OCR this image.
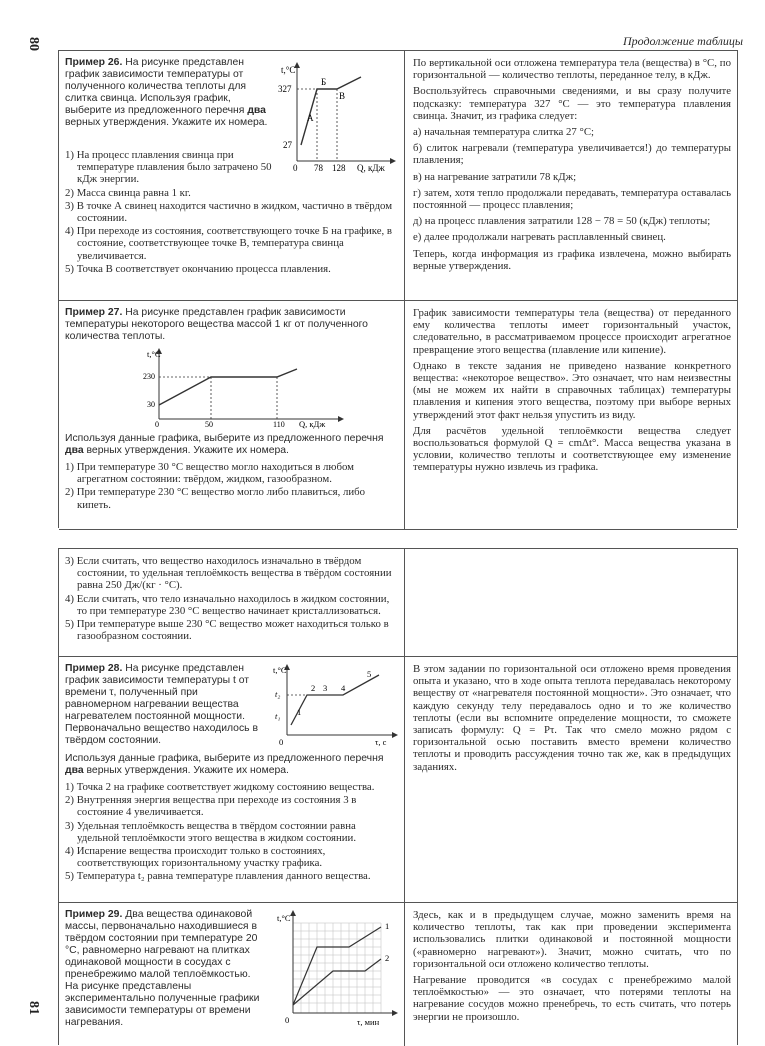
80
81
Продолжение таблицы
Пример 26. На рисунке представлен график зависимости температуры от полученного количества теплоты для слитка свинца. Используя график, выберите из предложенного перечня два верных утверждения. Укажите их номера.
t,°C
Q, кДж
327
27
0 78 128
А
Б
В
1) На процесс плавления свинца при температуре плавления было затрачено 50 кДж энергии.
2) Масса свинца равна 1 кг.
3) В точке А свинец находится частично в жидком, частично в твёрдом состоянии.
4) При переходе из состояния, соответствующего точке Б на графике, в состояние, соответствующее точке В, температура свинца увеличивается.
5) Точка В соответствует окончанию процесса плавления.

По вертикальной оси отложена температура тела (вещества) в °C, по горизонтальной — количество теплоты, переданное телу, в кДж.

Воспользуйтесь справочными сведениями, и вы сразу получите подсказку: температура 327 °C — это температура плавления свинца. Значит, из графика следует:

а) начальная температура слитка 27 °C;

б) слиток нагревали (температура увеличивается!) до температуры плавления;

в) на нагревание затратили 78 кДж;

г) затем, хотя тепло продолжали передавать, температура оставалась постоянной — процесс плавления;

д) на процесс плавления затратили 128 − 78 = 50 (кДж) теплоты;

е) далее продолжали нагревать расплавленный свинец.

Теперь, когда информация из графика извлечена, можно выбирать верные утверждения.

Пример 27. На рисунке представлен график зависимости температуры некоторого вещества массой 1 кг от полученного количества теплоты.
t,°C
Q, кДж
230
30
0	50	110
Используя данные графика, выберите из предложенного перечня два верных утверждения. Укажите их номера.
1) При температуре 30 °C вещество могло находиться в любом агрегатном состоянии: твёрдом, жидком, газообразном.
2) При температуре 230 °C вещество могло либо плавиться, либо кипеть.

График зависимости температуры тела (вещества) от переданного ему количества теплоты имеет горизонтальный участок, следовательно, в рассматриваемом процессе происходит агрегатное превращение этого вещества (плавление или кипение).

Однако в тексте задания не приведено название конкретного вещества: «некоторое вещество». Это означает, что нам неизвестны (мы не можем их найти в справочных таблицах) температуры плавления и кипения этого вещества, поэтому при выборе верных утверждений этот факт нельзя упустить из виду.

Для расчётов удельной теплоёмкости вещества следует воспользоваться формулой Q = cmΔt°. Масса вещества указана в условии, количество теплоты и соответствующее ему изменение температуры нужно извлечь из графика.

3) Если считать, что вещество находилось изначально в твёрдом состоянии, то удельная теплоёмкость вещества в твёрдом состоянии равна 250 Дж/(кг · °C).
4) Если считать, что тело изначально находилось в жидком состоянии, то при температуре 230 °C вещество начинает кристаллизоваться.
5) При температуре выше 230 °C вещество может находиться только в газообразном состоянии.
Пример 28. На рисунке представлен график зависимости температуры t от времени τ, полученный при равномерном нагревании вещества нагревателем постоянной мощности. Первоначально вещество находилось в твёрдом состоянии.
t,°C
τ, с
t₂
t₁
0
1
2 3 4
5
Используя данные графика, выберите из предложенного перечня два верных утверждения. Укажите их номера.
1) Точка 2 на графике соответствует жидкому состоянию вещества.
2) Внутренняя энергия вещества при переходе из состояния 3 в состояние 4 увеличивается.
3) Удельная теплоёмкость вещества в твёрдом состоянии равна удельной теплоёмкости этого вещества в жидком состоянии.
4) Испарение вещества происходит только в состояниях, соответствующих горизонтальному участку графика.
5) Температура t₂ равна температуре плавления данного вещества.

В этом задании по горизонтальной оси отложено время проведения опыта и указано, что в ходе опыта теплота передавалась некоторому веществу от «нагревателя постоянной мощности». Это означает, что каждую секунду телу передавалось одно и то же количество теплоты (если вы вспомните определение мощности, то сможете записать формулу: Q = Pτ. Так что смело можно рядом с горизонтальной осью поставить вместо времени количество теплоты и проводить рассуждения точно так же, как в предыдущих заданиях.

Пример 29. Два вещества одинаковой массы, первоначально находившиеся в твёрдом состоянии при температуре 20 °C, равномерно нагревают на плитках одинаковой мощности в сосудах с пренебрежимо малой теплоёмкостью. На рисунке представлены экспериментально полученные графики зависимости температуры от времени нагревания.
t,°C
τ, мин
0
1
2

Здесь, как и в предыдущем случае, можно заменить время на количество теплоты, так как при проведении эксперимента использовались плитки одинаковой и постоянной мощности («равномерно нагревают»). Значит, можно считать, что по горизонтальной оси отложено количество теплоты.

Нагревание проводится «в сосудах с пренебрежимо малой теплоёмкостью» — это означает, что потерями теплоты на нагревание сосудов можно пренебречь, то есть считать, что потерь энергии не произошло.
